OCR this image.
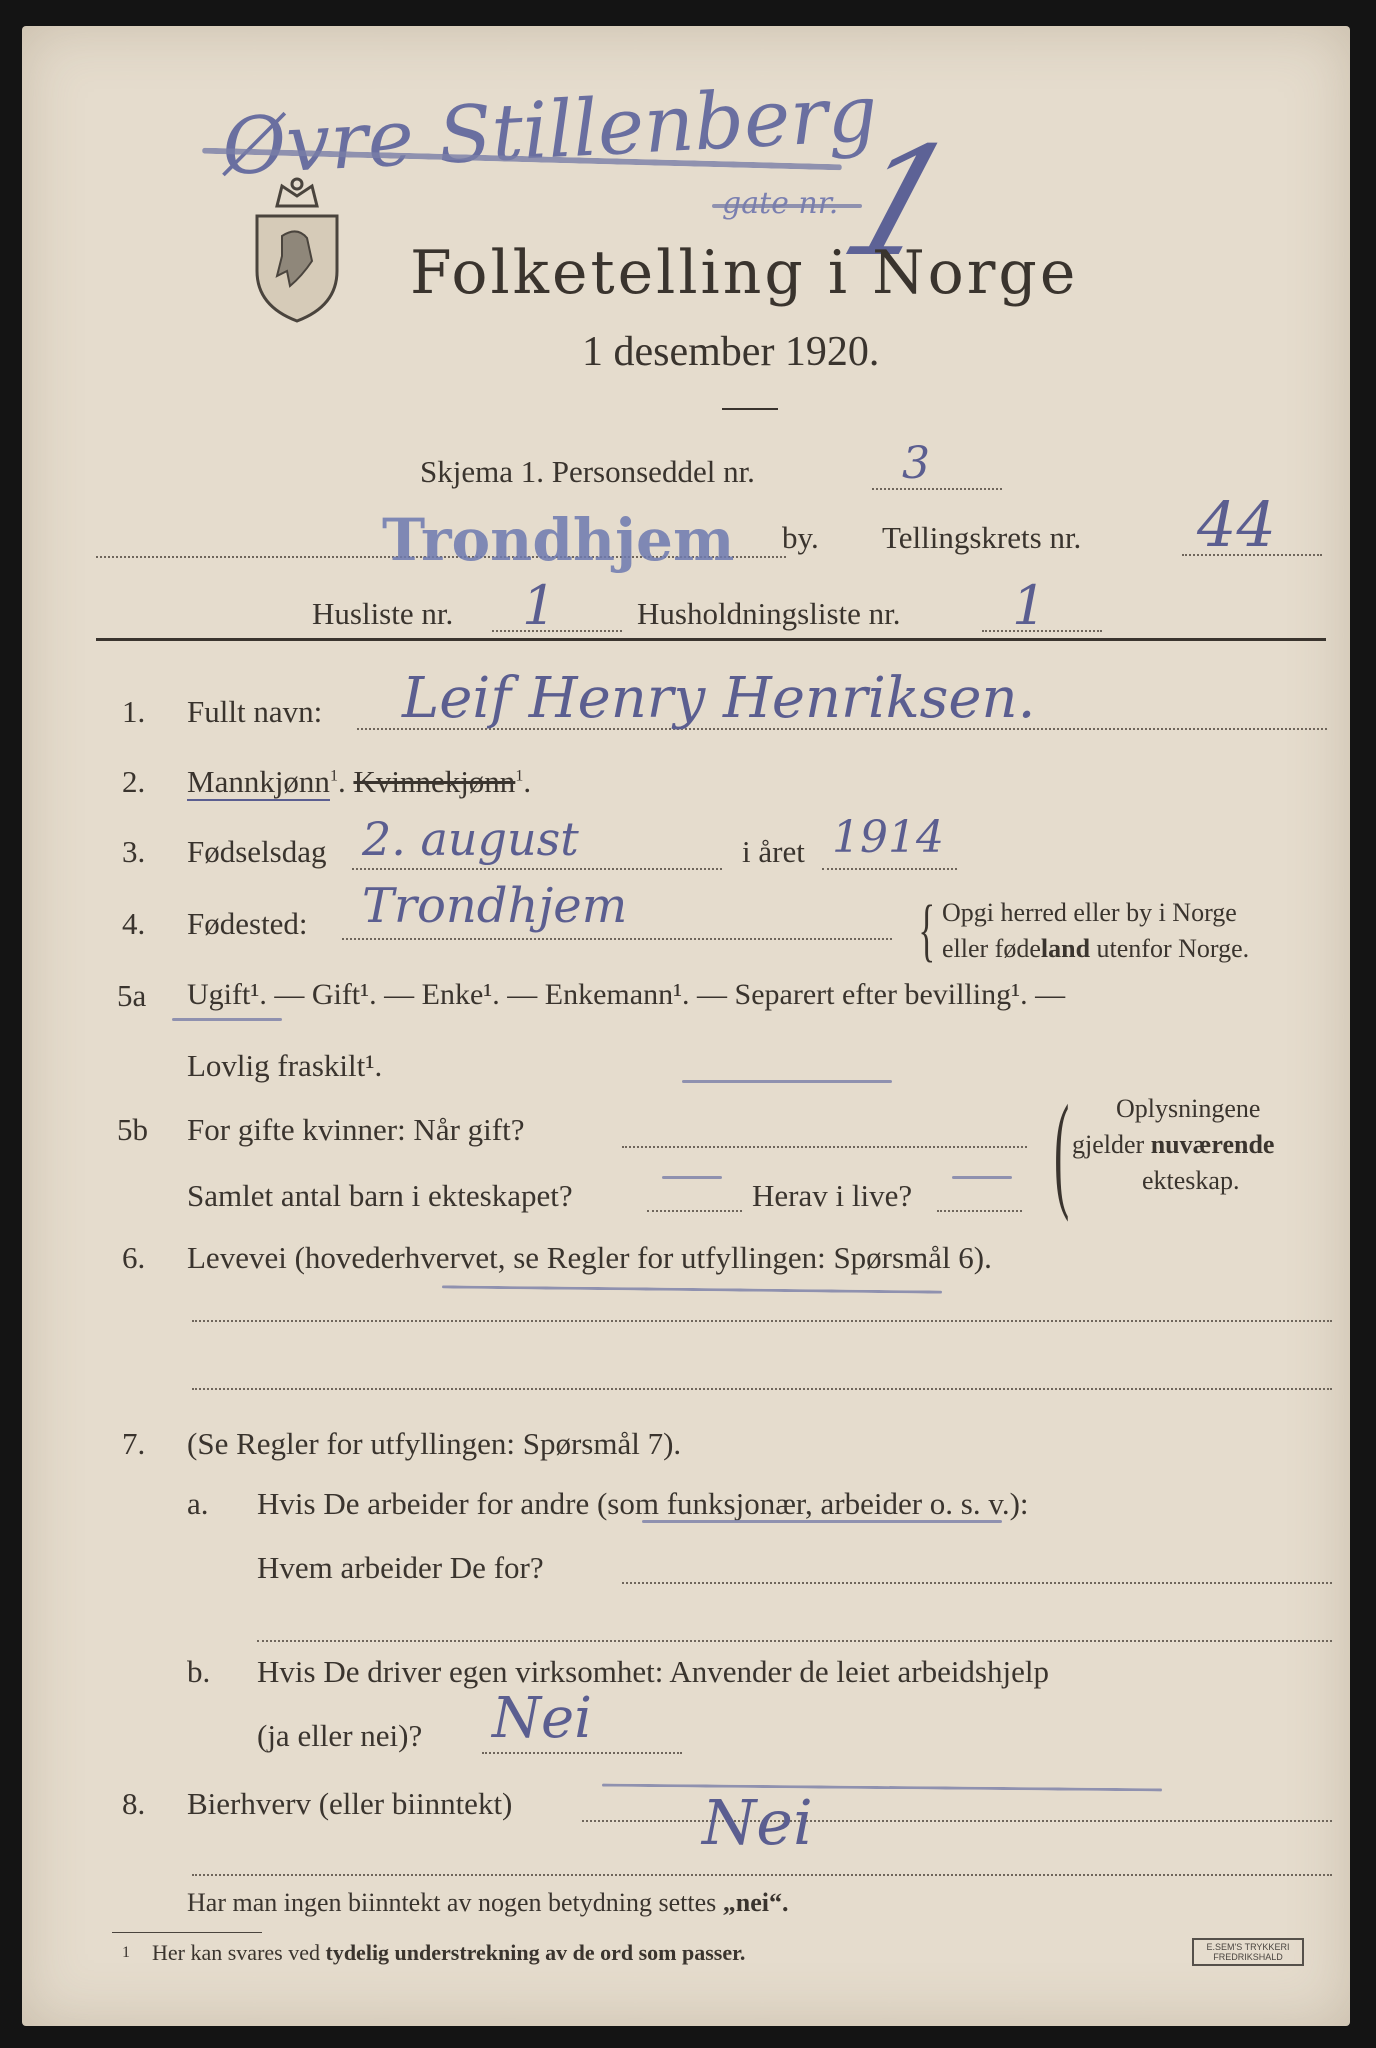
Øvre Stillenberg
gate nr.
1
Folketelling i Norge
1 desember 1920.
Skjema 1. Personseddel nr.	3
Trondhjem by. Tellingskrets nr. 44
Husliste nr. 1	Husholdningsliste nr. 1
1. Fullt navn: Leif Henry Henriksen.
2. Mannkjønn$^1$. Kvinnekjønn$^1$.
3. Fødselsdag 2. august	i året 1914
4. Fødested: Trondhjem	{ Opgi herred eller by i Norge
eller fødeland utenfor Norge.
5a Ugift¹. — Gift¹. — Enke¹. — Enkemann¹. — Separert efter bevilling¹. —
Lovlig fraskilt¹.
5b For gifte kvinner: Når gift?
Samlet antal barn i ekteskapet?	Herav i live? ( Oplysningene
gjelder nuværende
ekteskap.
6. Levevei (hovederhvervet, se Regler for utfyllingen: Spørsmål 6).
7. (Se Regler for utfyllingen: Spørsmål 7).
a. Hvis De arbeider for andre (som funksjonær, arbeider o. s. v.):
Hvem arbeider De for?
b. Hvis De driver egen virksomhet: Anvender de leiet arbeidshjelp
(ja eller nei)? Nei
8. Bierhverv (eller biinntekt)	Nei
Har man ingen biinntekt av nogen betydning settes „nei“.
1 Her kan svares ved tydelig understrekning av de ord som passer.	E.SEM'S TRYKKERI
FREDRIKSHALD
